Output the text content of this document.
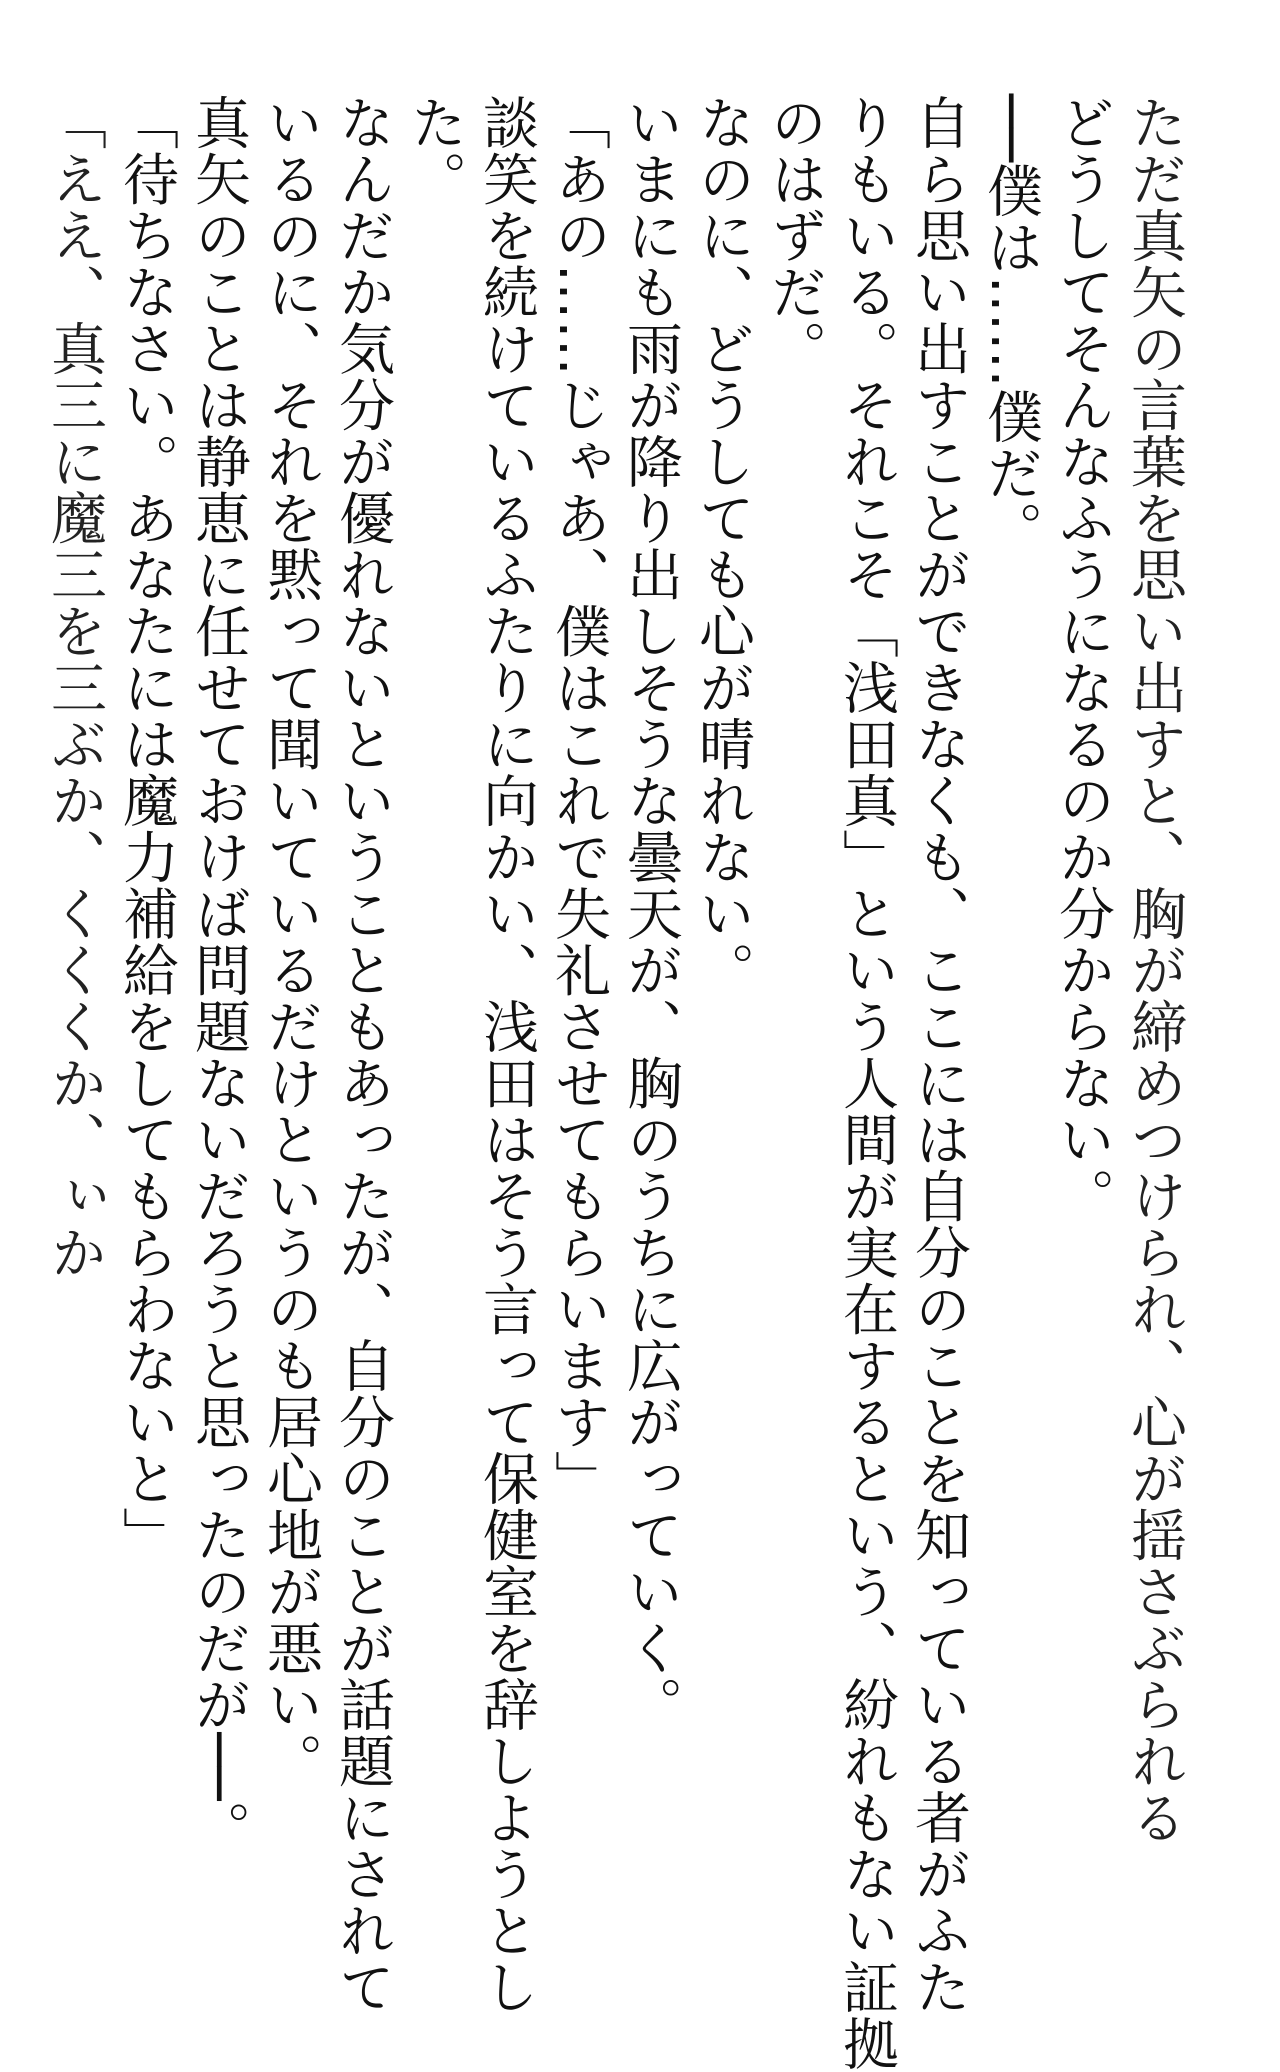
ただ真矢の言葉を思い出すと、胸が締めつけられ、心が揺さぶられる
どうしてそんなふうになるのか分からない。
──僕は……僕だ。
自ら思い出すことができなくも、ここには自分のことを知っている者がふた
りもいる。それこそ「浅田真」という人間が実在するという、紛れもない証拠
のはずだ。
なのに、どうしても心が晴れない。
いまにも雨が降り出しそうな曇天が、胸のうちに広がっていく。
「あの……じゃあ、僕はこれで失礼させてもらいます」
談笑を続けているふたりに向かい、浅田はそう言って保健室を辞しようとし
た。
なんだか気分が優れないということもあったが、自分のことが話題にされて
いるのに、それを黙って聞いているだけというのも居心地が悪い。
真矢のことは静恵に任せておけば問題ないだろうと思ったのだが──。
「待ちなさい。あなたには魔力補給をしてもらわないと」
「ええ、真三に魔三を三ぶか、くくくか、ぃか
